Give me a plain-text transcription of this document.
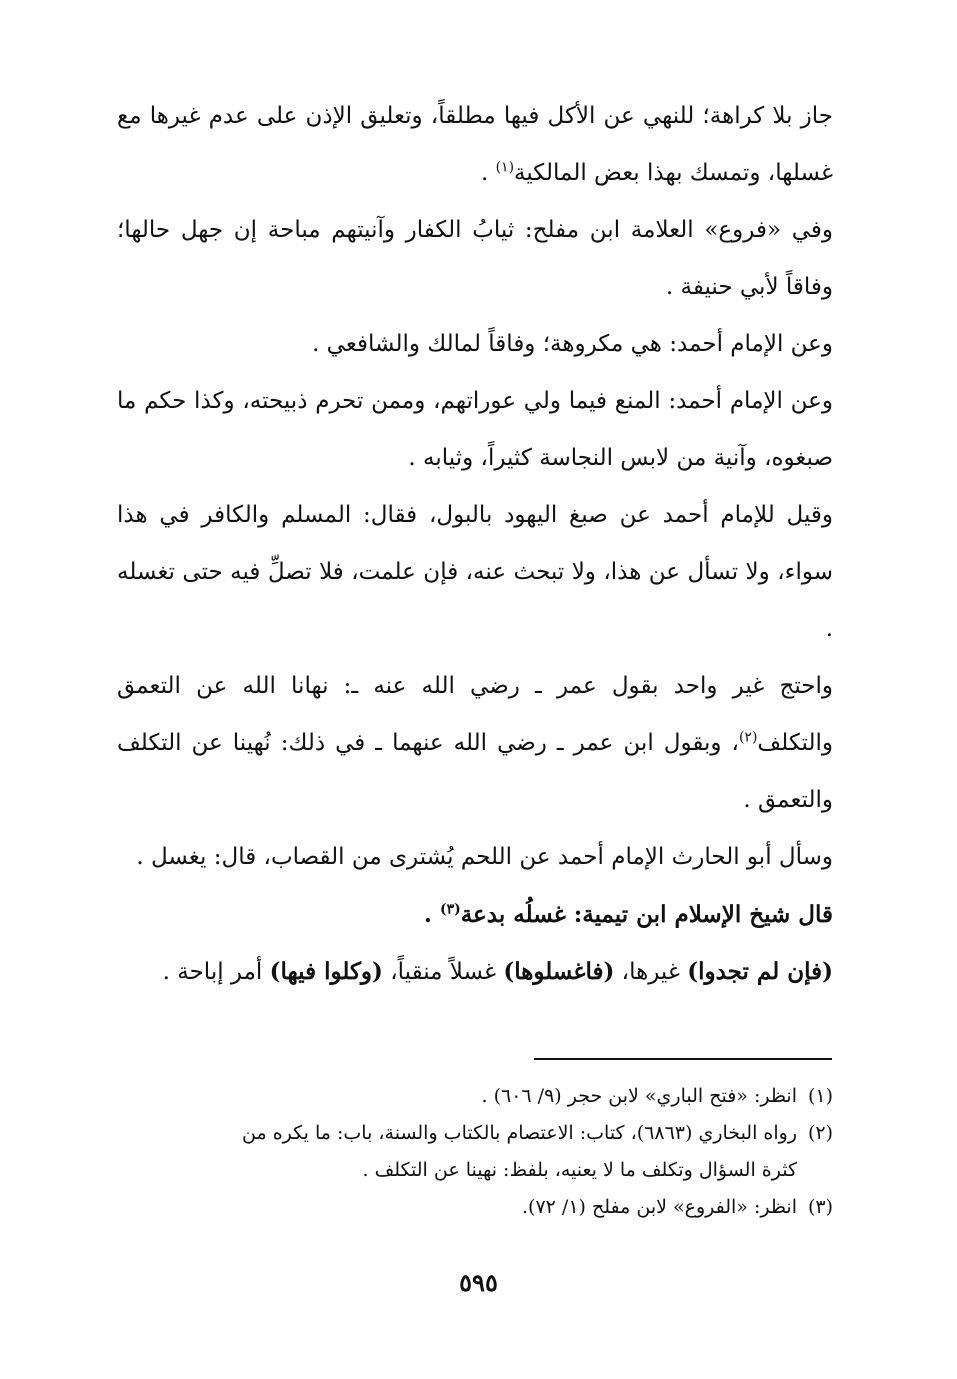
جاز بلا كراهة؛ للنهي عن الأكل فيها مطلقاً، وتعليق الإذن على عدم غيرها مع غسلها، وتمسك بهذا بعض المالكية$^{(١)}$ .

وفي «فروع» العلامة ابن مفلح: ثيابُ الكفار وآنيتهم مباحة إن جهل حالها؛ وفاقاً لأبي حنيفة .

وعن الإمام أحمد: هي مكروهة؛ وفاقاً لمالك والشافعي .

وعن الإمام أحمد: المنع فيما ولي عوراتهم، وممن تحرم ذبيحته، وكذا حكم ما صبغوه، وآنية من لابس النجاسة كثيراً، وثيابه .

وقيل للإمام أحمد عن صبغ اليهود بالبول، فقال: المسلم والكافر في هذا سواء، ولا تسأل عن هذا، ولا تبحث عنه، فإن علمت، فلا تصلِّ فيه حتى تغسله .

واحتج غير واحد بقول عمر ـ رضي الله عنه ـ: نهانا الله عن التعمق والتكلف$^{(٢)}$، وبقول ابن عمر ـ رضي الله عنهما ـ في ذلك: نُهينا عن التكلف والتعمق .

وسأل أبو الحارث الإمام أحمد عن اللحم يُشترى من القصاب، قال: يغسل .

قال شيخ الإسلام ابن تيمية: غسلُه بدعة$^{(٣)}$ .

(فإن لم تجدوا) غيرها، (فاغسلوها) غسلاً منقياً، (وكلوا فيها) أمر إباحة .

(١)انظر: «فتح الباري» لابن حجر (٩/ ٦٠٦) .

(٢)رواه البخاري (٦٨٦٣)، كتاب: الاعتصام بالكتاب والسنة، باب: ما يكره من

كثرة السؤال وتكلف ما لا يعنيه، بلفظ: نهينا عن التكلف .

(٣)انظر: «الفروع» لابن مفلح (١/ ٧٢).

٥٩٥
